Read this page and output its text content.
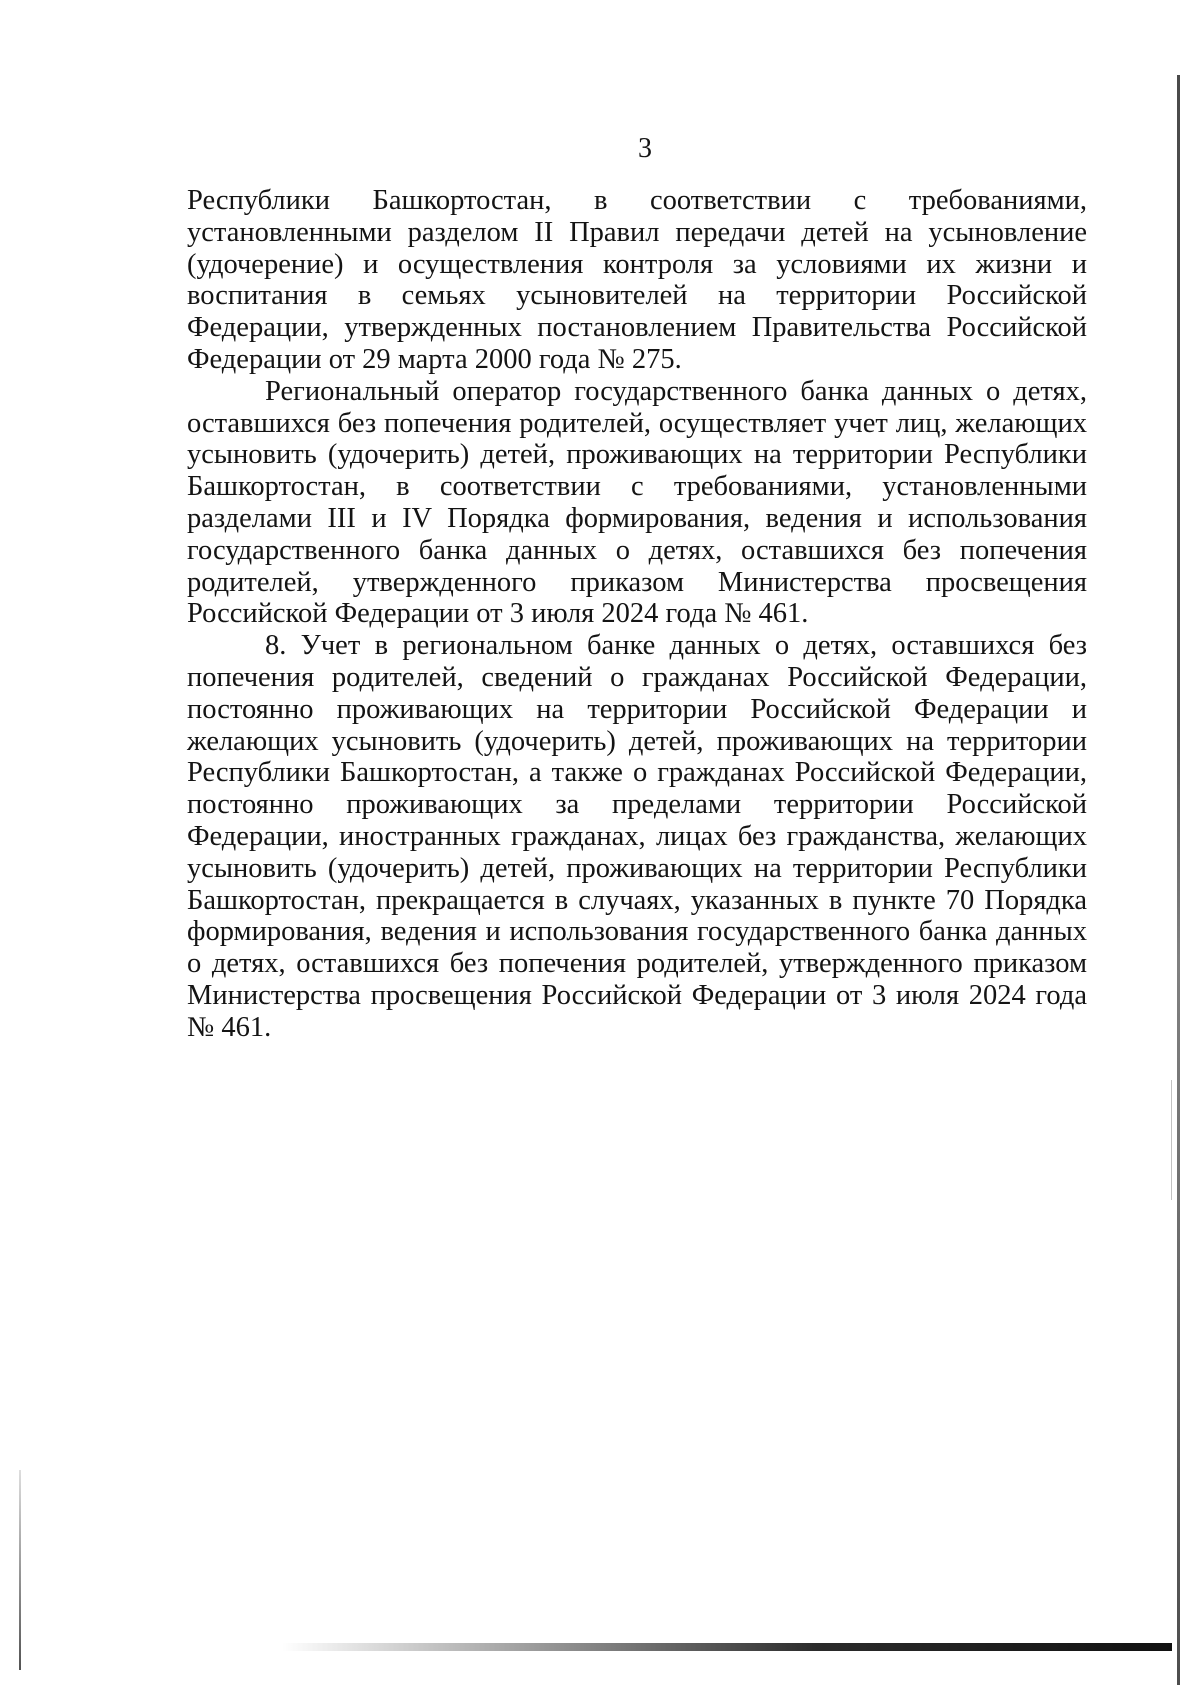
3

Республики Башкортостан, в соответствии с требованиями, установленными разделом II Правил передачи детей на усыновление (удочерение) и осуществления контроля за условиями их жизни и воспитания в семьях усыновителей на территории Российской Федерации, утвержденных постановлением Правительства Российской Федерации от 29 марта 2000 года № 275.

Региональный оператор государственного банка данных о детях, оставшихся без попечения родителей, осуществляет учет лиц, желающих усыновить (удочерить) детей, проживающих на территории Республики Башкортостан, в соответствии с требованиями, установленными разделами III и IV Порядка формирования, ведения и использования государственного банка данных о детях, оставшихся без попечения родителей, утвержденного приказом Министерства просвещения Российской Федерации от 3 июля 2024 года № 461.

8. Учет в региональном банке данных о детях, оставшихся без попечения родителей, сведений о гражданах Российской Федерации, постоянно проживающих на территории Российской Федерации и желающих усыновить (удочерить) детей, проживающих на территории Республики Башкортостан, а также о гражданах Российской Федерации, постоянно проживающих за пределами территории Российской Федерации, иностранных гражданах, лицах без гражданства, желающих усыновить (удочерить) детей, проживающих на территории Республики Башкортостан, прекращается в случаях, указанных в пункте 70 Порядка формирования, ведения и использования государственного банка данных о детях, оставшихся без попечения родителей, утвержденного приказом Министерства просвещения Российской Федерации от 3 июля 2024 года № 461.
